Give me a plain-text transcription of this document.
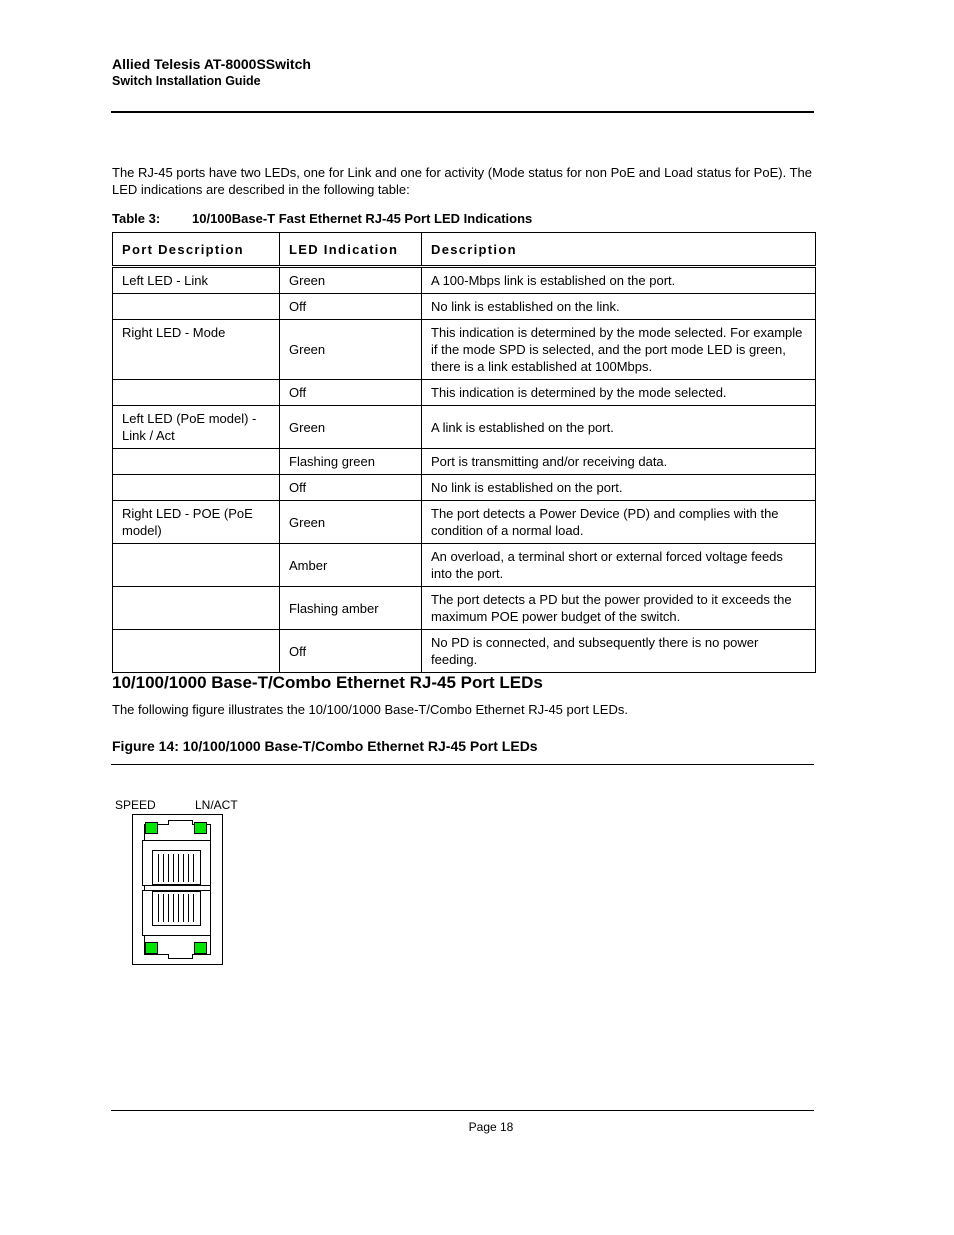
Allied Telesis AT-8000SSwitch
Switch Installation Guide
The RJ-45 ports have two LEDs, one for Link and one for activity (Mode status for non PoE and Load status for PoE). The LED indications are described in the following table:
Table 3: 10/100Base-T Fast Ethernet RJ-45 Port LED Indications
Port Description	LED Indication	Description
Left LED - Link	Green	A 100-Mbps link is established on the port.
	Off	No link is established on the link.
Right LED - Mode	Green	This indication is determined by the mode selected. For example if the mode SPD is selected, and the port mode LED is green, there is a link established at 100Mbps.
	Off	This indication is determined by the mode selected.
Left LED (PoE model) - Link / Act	Green	A link is established on the port.
	Flashing green	Port is transmitting and/or receiving data.
	Off	No link is established on the port.
Right LED - POE (PoE model)	Green	The port detects a Power Device (PD) and complies with the condition of a normal load.
	Amber	An overload, a terminal short or external forced voltage feeds into the port.
	Flashing amber	The port detects a PD but the power provided to it exceeds the maximum POE power budget of the switch.
	Off	No PD is connected, and subsequently there is no power feeding.
10/100/1000 Base-T/Combo Ethernet RJ-45 Port LEDs
The following figure illustrates the 10/100/1000 Base-T/Combo Ethernet RJ-45 port LEDs.
Figure 14: 10/100/1000 Base-T/Combo Ethernet RJ-45 Port LEDs
SPEED	LN/ACT
Page 18
